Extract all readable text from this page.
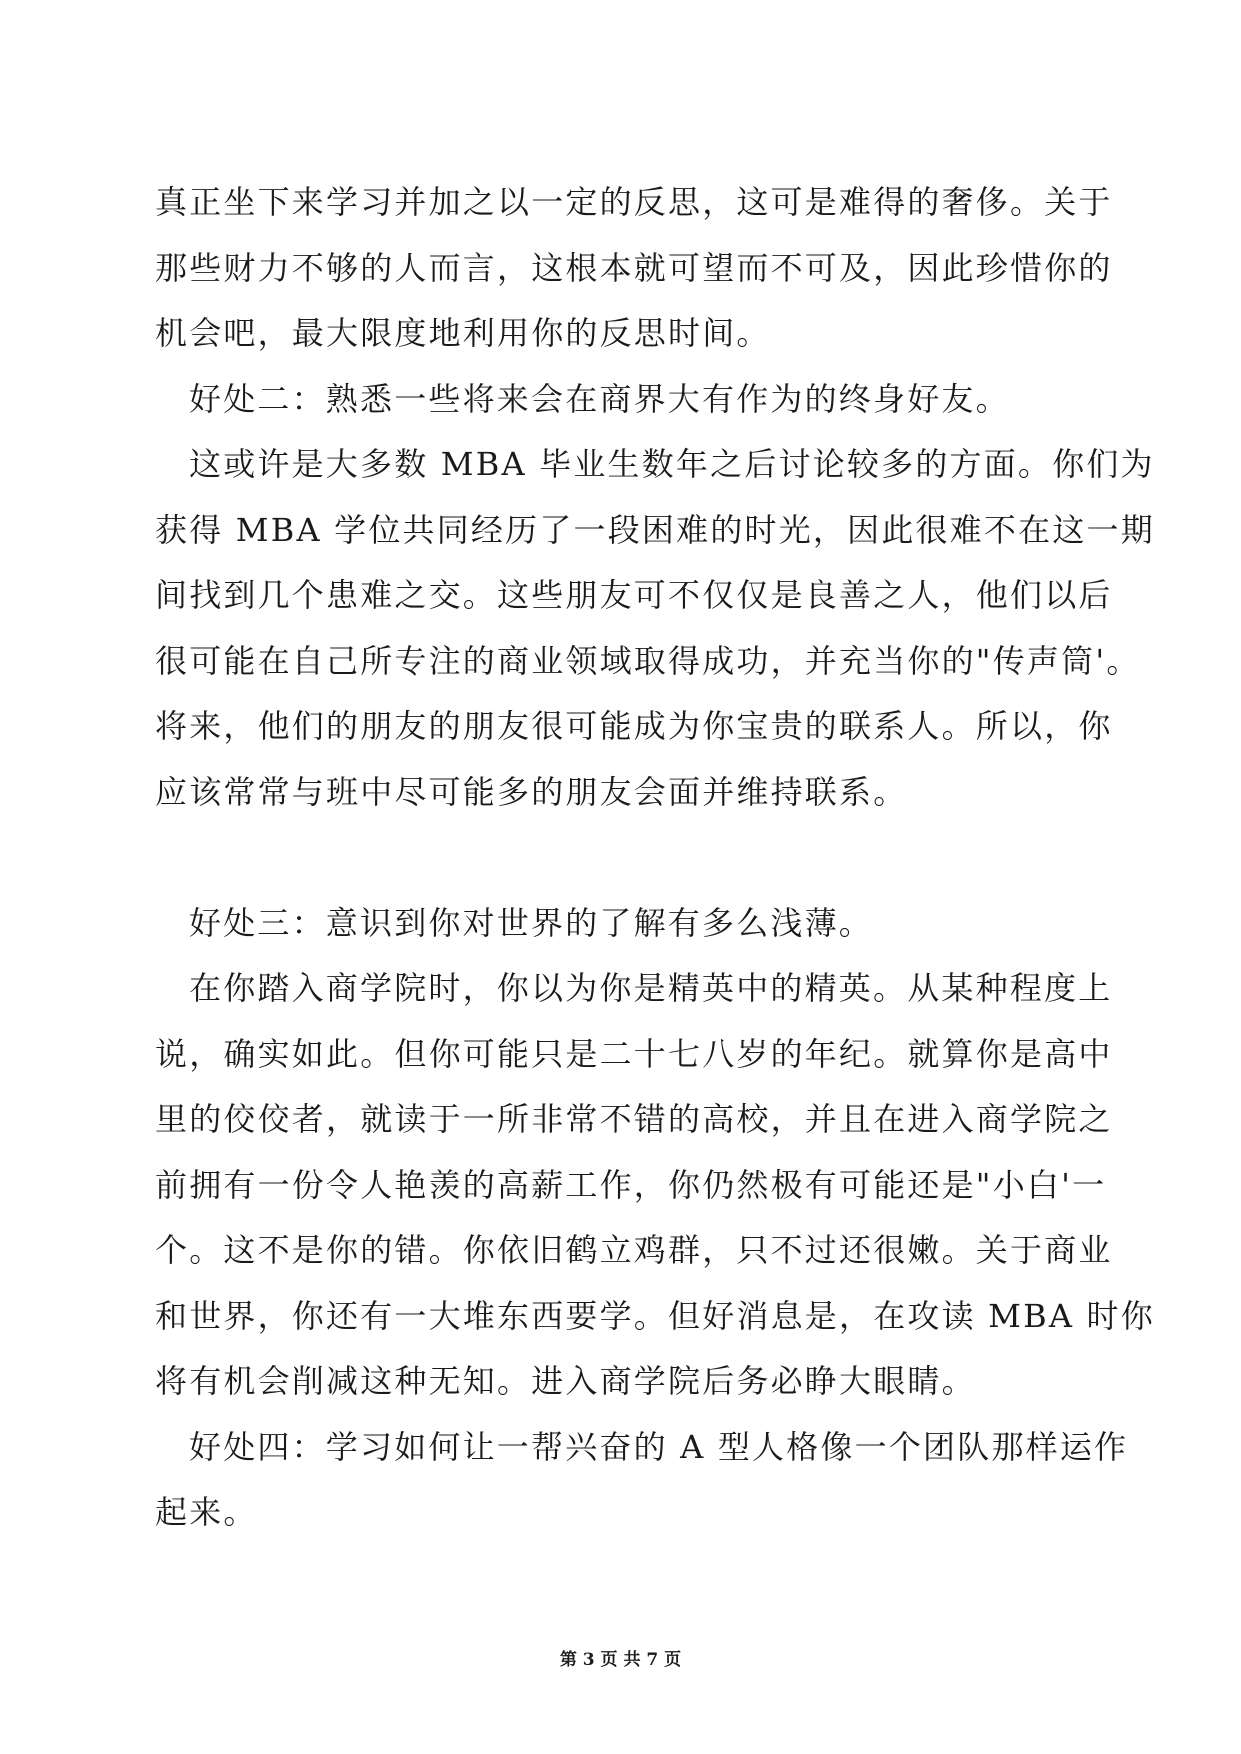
真正坐下来学习并加之以一定的反思，这可是难得的奢侈。关于
那些财力不够的人而言，这根本就可望而不可及，因此珍惜你的
机会吧，最大限度地利用你的反思时间。
好处二：熟悉一些将来会在商界大有作为的终身好友。
这或许是大多数 MBA 毕业生数年之后讨论较多的方面。你们为
获得 MBA 学位共同经历了一段困难的时光，因此很难不在这一期
间找到几个患难之交。这些朋友可不仅仅是良善之人，他们以后
很可能在自己所专注的商业领域取得成功，并充当你的"传声筒'。
将来，他们的朋友的朋友很可能成为你宝贵的联系人。所以，你
应该常常与班中尽可能多的朋友会面并维持联系。
好处三：意识到你对世界的了解有多么浅薄。
在你踏入商学院时，你以为你是精英中的精英。从某种程度上
说，确实如此。但你可能只是二十七八岁的年纪。就算你是高中
里的佼佼者，就读于一所非常不错的高校，并且在进入商学院之
前拥有一份令人艳羡的高薪工作，你仍然极有可能还是"小白'一
个。这不是你的错。你依旧鹤立鸡群，只不过还很嫩。关于商业
和世界，你还有一大堆东西要学。但好消息是，在攻读 MBA 时你
将有机会削减这种无知。进入商学院后务必睁大眼睛。
好处四：学习如何让一帮兴奋的 A 型人格像一个团队那样运作
起来。
第 3 页 共 7 页
